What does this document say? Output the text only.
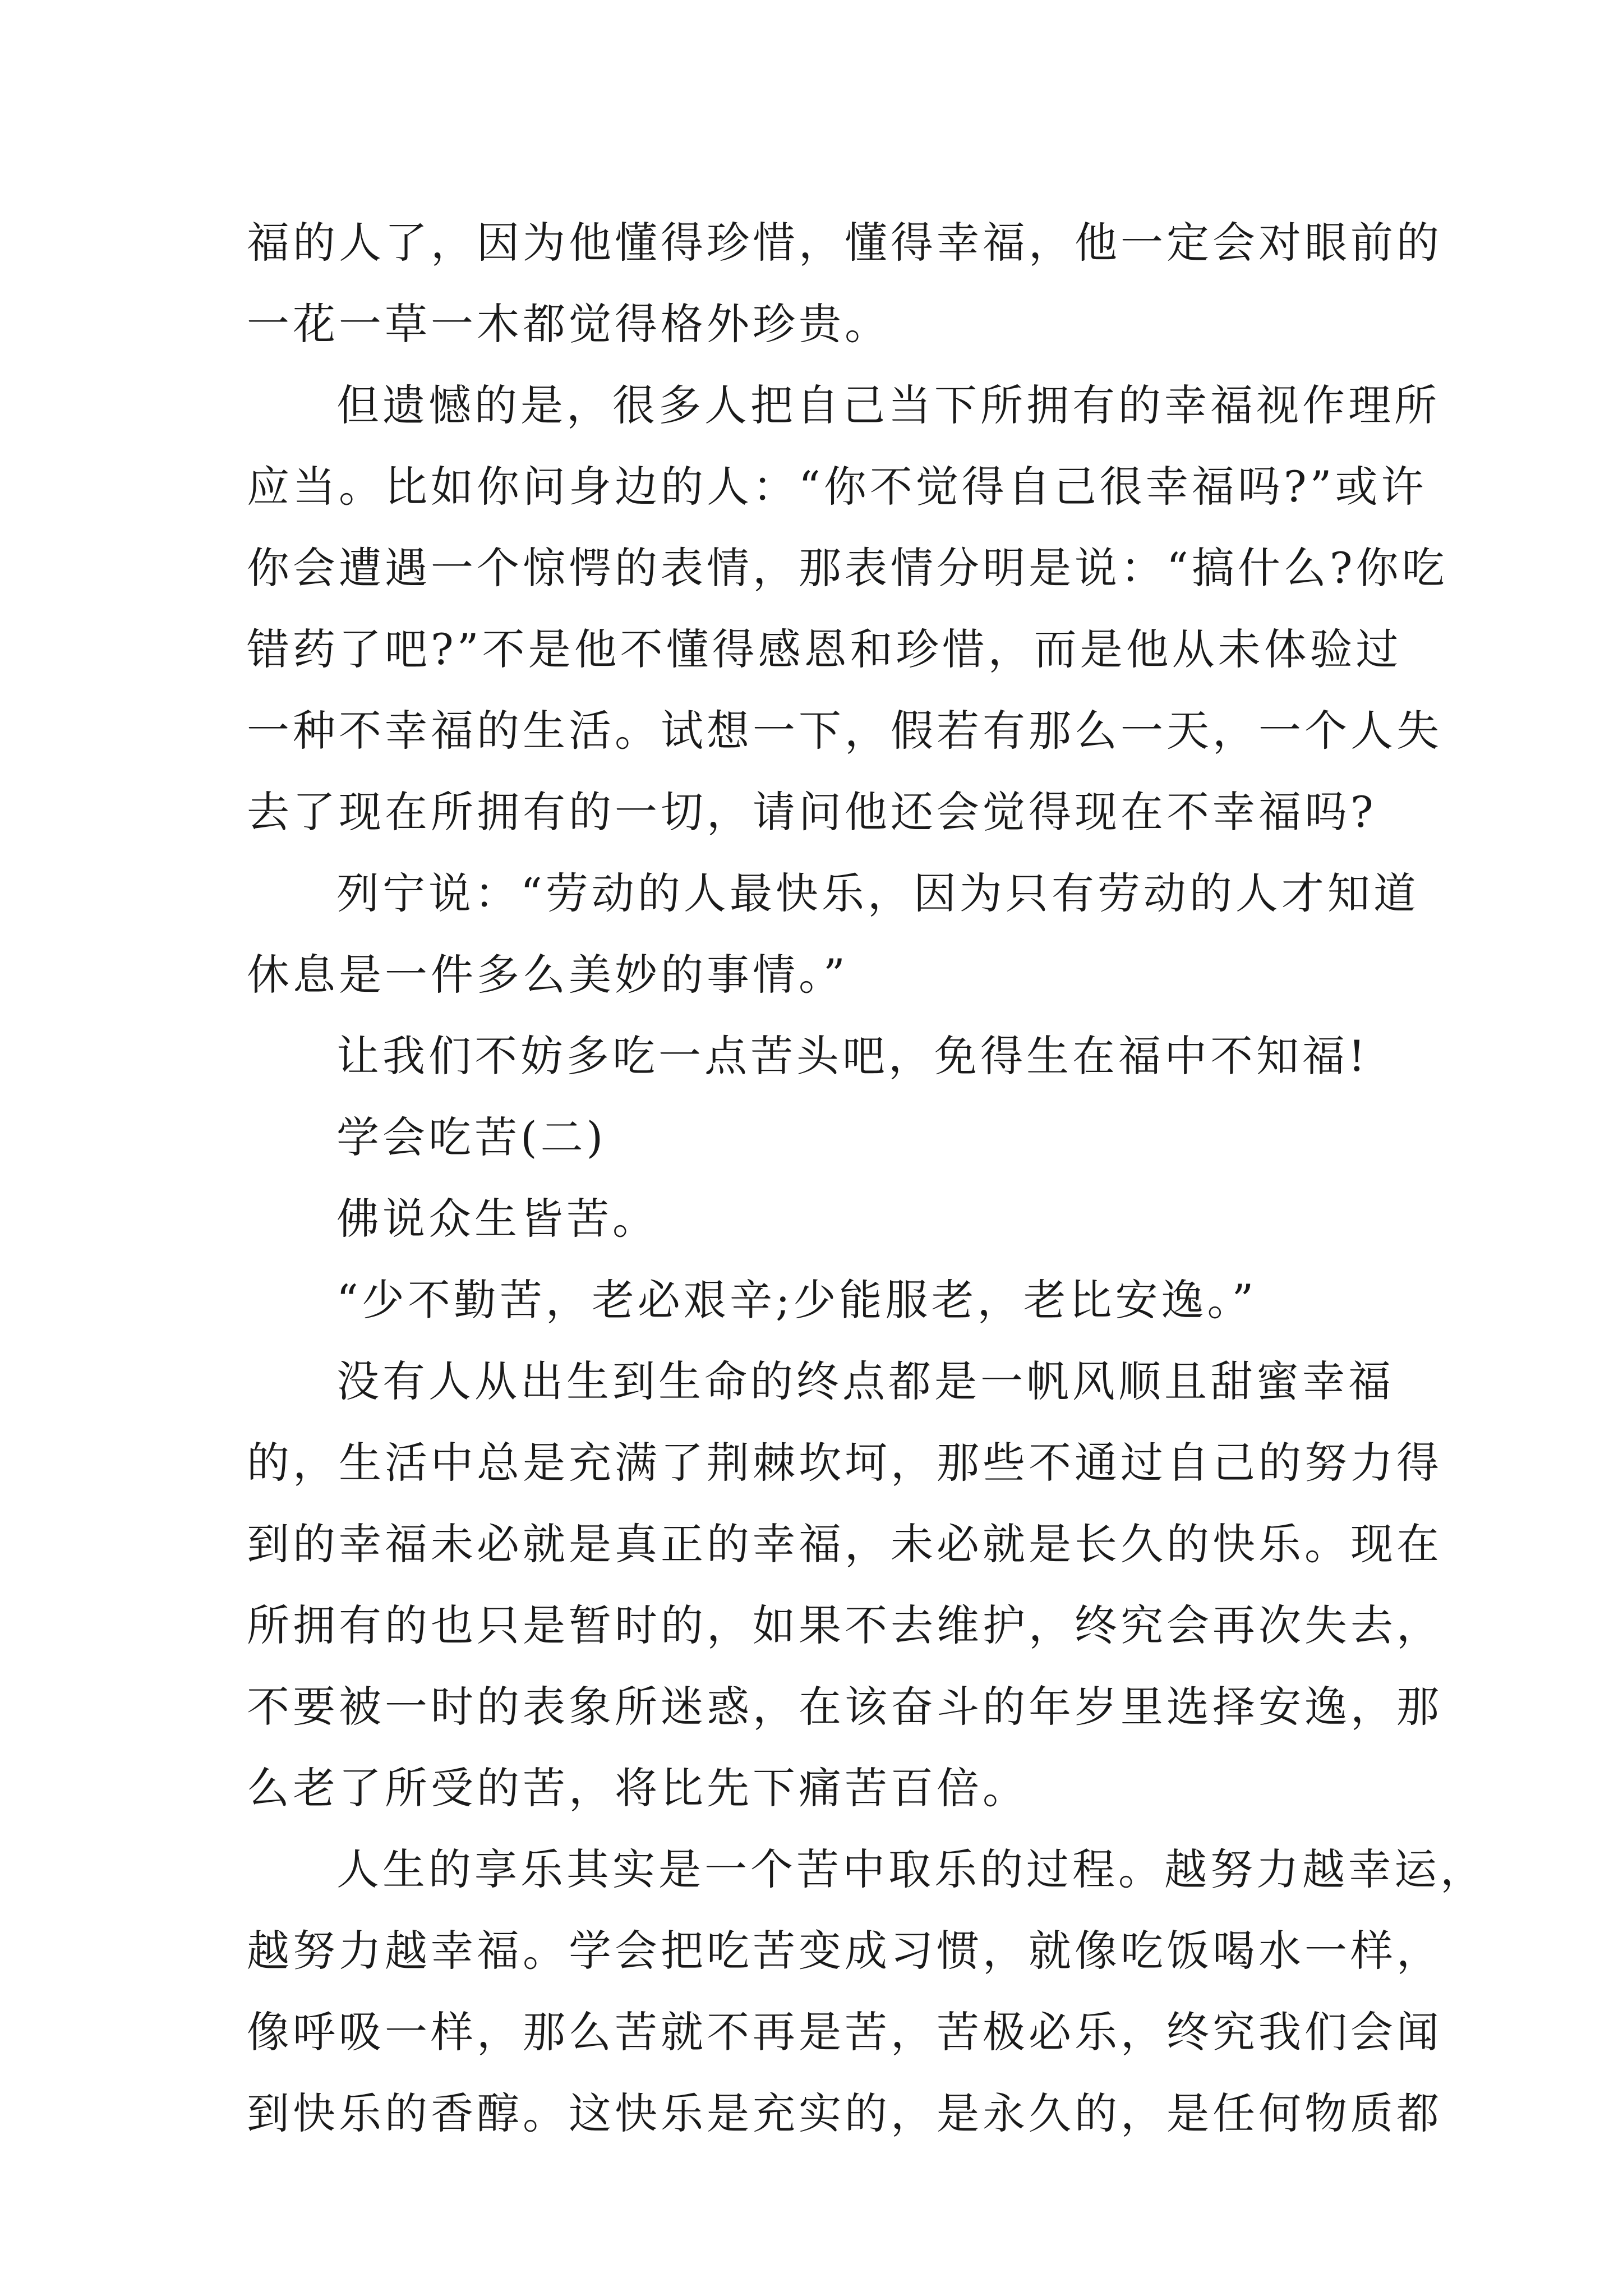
福的人了，因为他懂得珍惜，懂得幸福，他一定会对眼前的
一花一草一木都觉得格外珍贵。

但遗憾的是，很多人把自己当下所拥有的幸福视作理所
应当。比如你问身边的人：“你不觉得自己很幸福吗?”或许
你会遭遇一个惊愕的表情，那表情分明是说：“搞什么?你吃
错药了吧?”不是他不懂得感恩和珍惜，而是他从未体验过
一种不幸福的生活。试想一下，假若有那么一天，一个人失
去了现在所拥有的一切，请问他还会觉得现在不幸福吗?

列宁说：“劳动的人最快乐，因为只有劳动的人才知道
休息是一件多么美妙的事情。”

让我们不妨多吃一点苦头吧，免得生在福中不知福!

学会吃苦(二)

佛说众生皆苦。

“少不勤苦，老必艰辛;少能服老，老比安逸。”

没有人从出生到生命的终点都是一帆风顺且甜蜜幸福
的，生活中总是充满了荆棘坎坷，那些不通过自己的努力得
到的幸福未必就是真正的幸福，未必就是长久的快乐。现在
所拥有的也只是暂时的，如果不去维护，终究会再次失去，
不要被一时的表象所迷惑，在该奋斗的年岁里选择安逸，那
么老了所受的苦，将比先下痛苦百倍。

人生的享乐其实是一个苦中取乐的过程。越努力越幸运，
越努力越幸福。学会把吃苦变成习惯，就像吃饭喝水一样，
像呼吸一样，那么苦就不再是苦，苦极必乐，终究我们会闻
到快乐的香醇。这快乐是充实的，是永久的，是任何物质都
